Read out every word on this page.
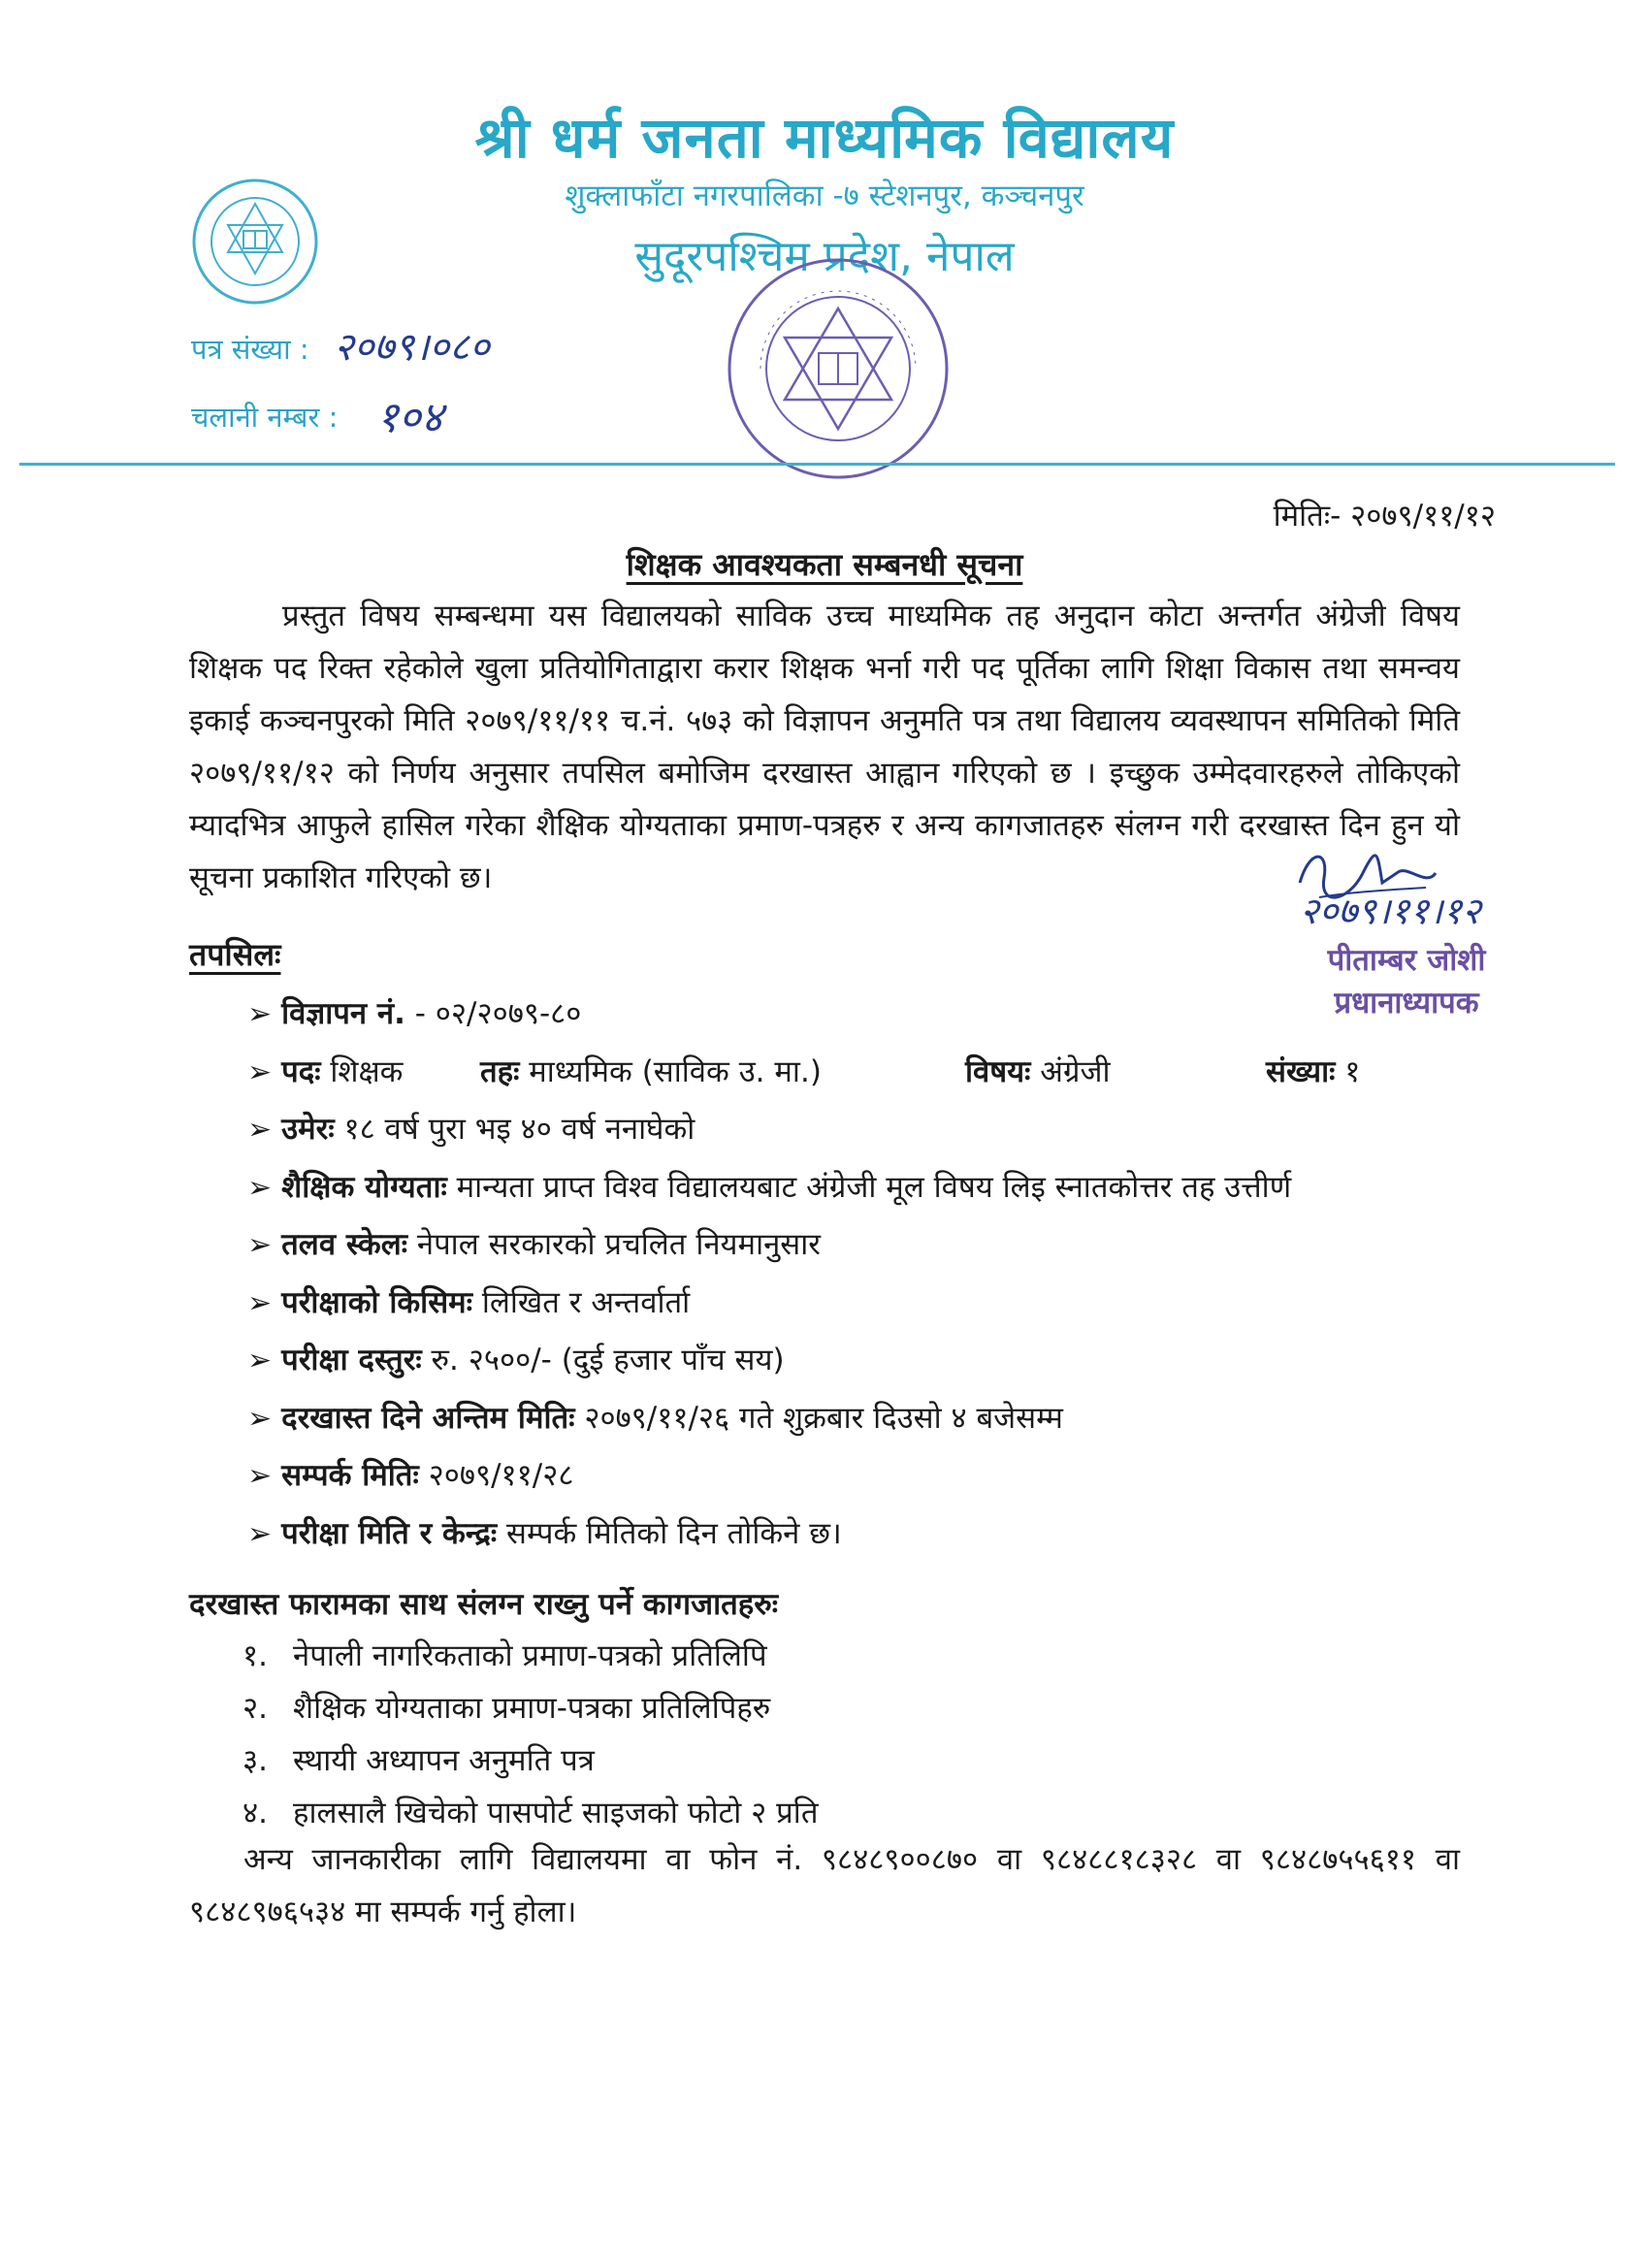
श्री धर्म जनता माध्यमिक विद्यालय
शुक्लाफाँटा नगरपालिका -७ स्टेशनपुर, कञ्चनपुर
सुदूरपश्चिम प्रदेश, नेपाल
पत्र संख्या : २०७९।०८०
चलानी नम्बर : १०४
मितिः- २०७९/११/१२
शिक्षक आवश्यकता सम्बनधी सूचना

प्रस्तुत विषय सम्बन्धमा यस विद्यालयको साविक उच्च माध्यमिक तह अनुदान कोटा अन्तर्गत अंग्रेजी विषय शिक्षक पद रिक्त रहेकोले खुला प्रतियोगिताद्वारा करार शिक्षक भर्ना गरी पद पूर्तिका लागि शिक्षा विकास तथा समन्वय इकाई कञ्चनपुरको मिति २०७९/११/११ च.नं. ५७३ को विज्ञापन अनुमति पत्र तथा विद्यालय व्यवस्थापन समितिको मिति २०७९/११/१२ को निर्णय अनुसार तपसिल बमोजिम दरखास्त आह्वान गरिएको छ । इच्छुक उम्मेदवारहरुले तोकिएको म्यादभित्र आफुले हासिल गरेका शैक्षिक योग्यताका प्रमाण-पत्रहरु र अन्य कागजातहरु संलग्न गरी दरखास्त दिन हुन यो सूचना प्रकाशित गरिएको छ।

२०७९।११।१२
पीताम्बर जोशी
प्रधानाध्यापक
तपसिलः
➢ विज्ञापन नं. - ०२/२०७९-८०
➢ पदः शिक्षक	तहः माध्यमिक (साविक उ. मा.)	विषयः अंग्रेजी	संख्याः १
➢ उमेरः १८ वर्ष पुरा भइ ४० वर्ष ननाघेको
➢ शैक्षिक योग्यताः मान्यता प्राप्त विश्व विद्यालयबाट अंग्रेजी मूल विषय लिइ स्नातकोत्तर तह उत्तीर्ण
➢ तलव स्केलः नेपाल सरकारको प्रचलित नियमानुसार
➢ परीक्षाको किसिमः लिखित र अन्तर्वार्ता
➢ परीक्षा दस्तुरः रु. २५००/- (दुई हजार पाँच सय)
➢ दरखास्त दिने अन्तिम मितिः २०७९/११/२६ गते शुक्रबार दिउसो ४ बजेसम्म
➢ सम्पर्क मितिः २०७९/११/२८
➢ परीक्षा मिति र केन्द्रः सम्पर्क मितिको दिन तोकिने छ।
दरखास्त फारामका साथ संलग्न राख्नु पर्ने कागजातहरुः
१. नेपाली नागरिकताको प्रमाण-पत्रको प्रतिलिपि
२. शैक्षिक योग्यताका प्रमाण-पत्रका प्रतिलिपिहरु
३. स्थायी अध्यापन अनुमति पत्र
४. हालसालै खिचेको पासपोर्ट साइजको फोटो २ प्रति

अन्य जानकारीका लागि विद्यालयमा वा फोन नं. ९८४८९००८७० वा ९८४८८१८३२८ वा ९८४८७५५६११ वा ९८४८९७६५३४ मा सम्पर्क गर्नु होला।
